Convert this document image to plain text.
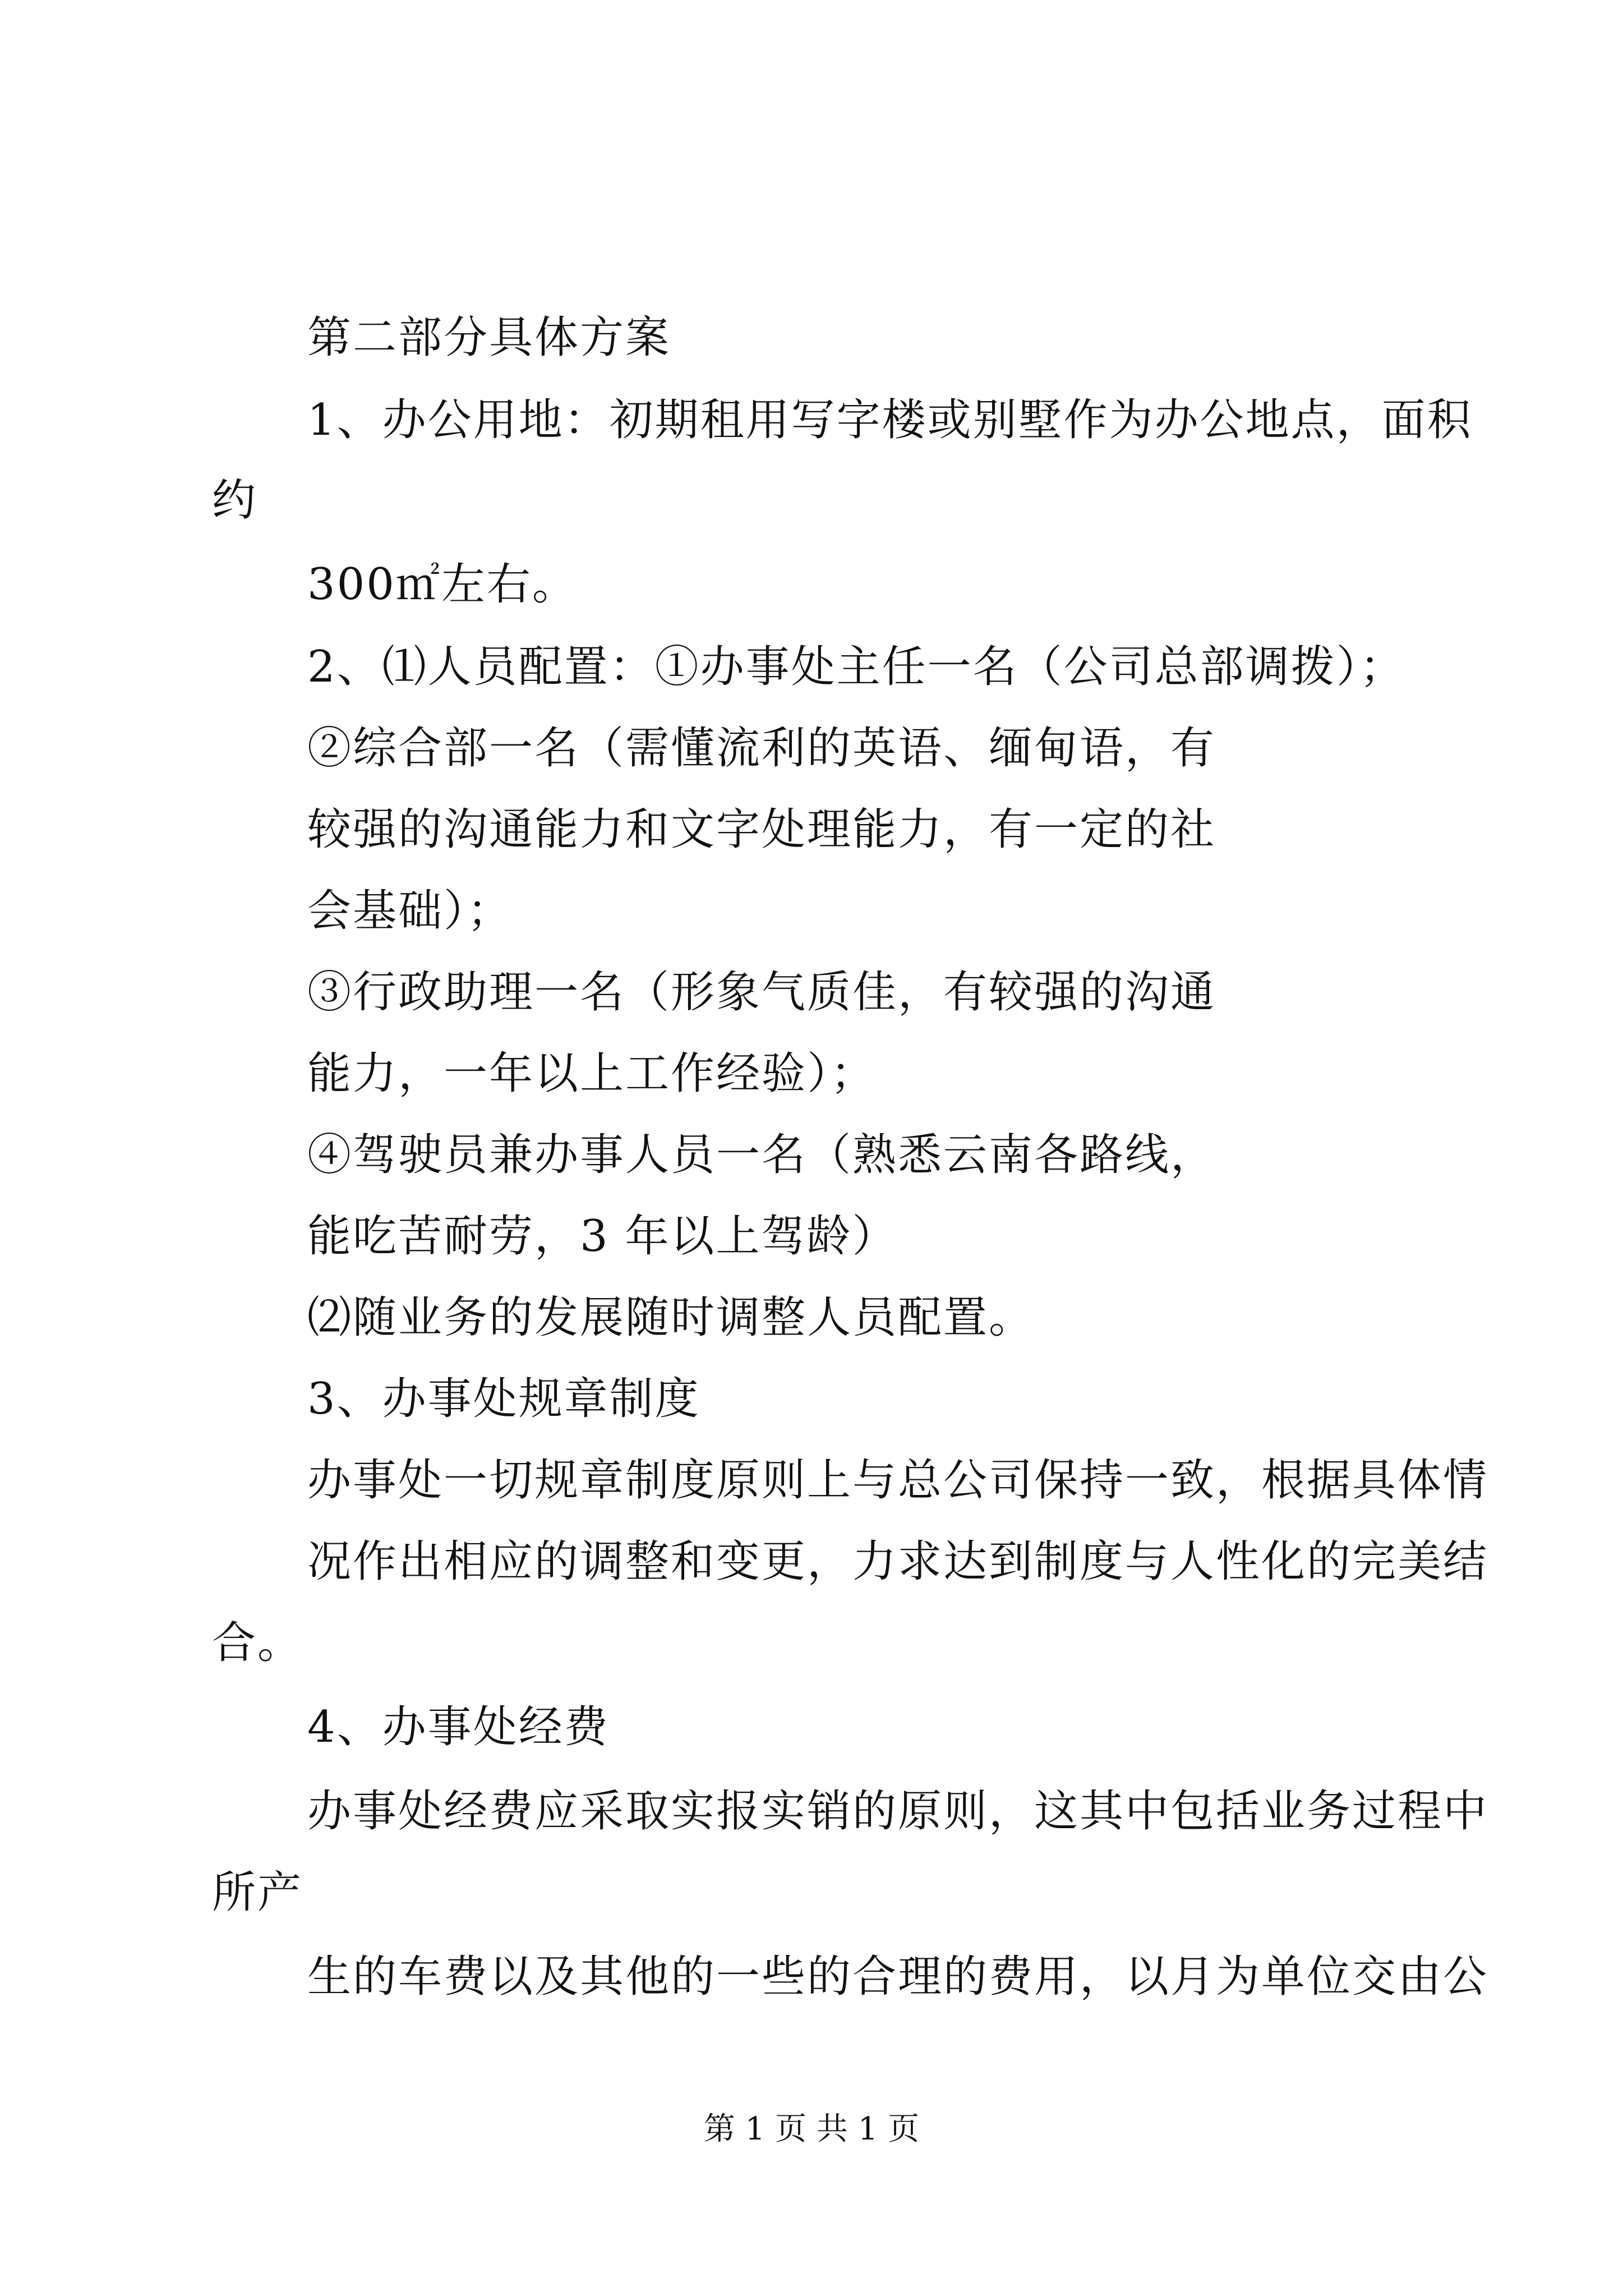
第二部分具体方案
1、办公用地：初期租用写字楼或别墅作为办公地点，面积
约
300㎡左右。
2、⑴人员配置：①办事处主任一名（公司总部调拨）；
②综合部一名（需懂流利的英语、缅甸语，有
较强的沟通能力和文字处理能力，有一定的社
会基础）；
③行政助理一名（形象气质佳，有较强的沟通
能力，一年以上工作经验）；
④驾驶员兼办事人员一名（熟悉云南各路线，
能吃苦耐劳，3 年以上驾龄）
⑵随业务的发展随时调整人员配置。
3、办事处规章制度
办事处一切规章制度原则上与总公司保持一致，根据具体情
况作出相应的调整和变更，力求达到制度与人性化的完美结
合。
4、办事处经费
办事处经费应采取实报实销的原则，这其中包括业务过程中
所产
生的车费以及其他的一些的合理的费用，以月为单位交由公
第 1 页 共 1 页
